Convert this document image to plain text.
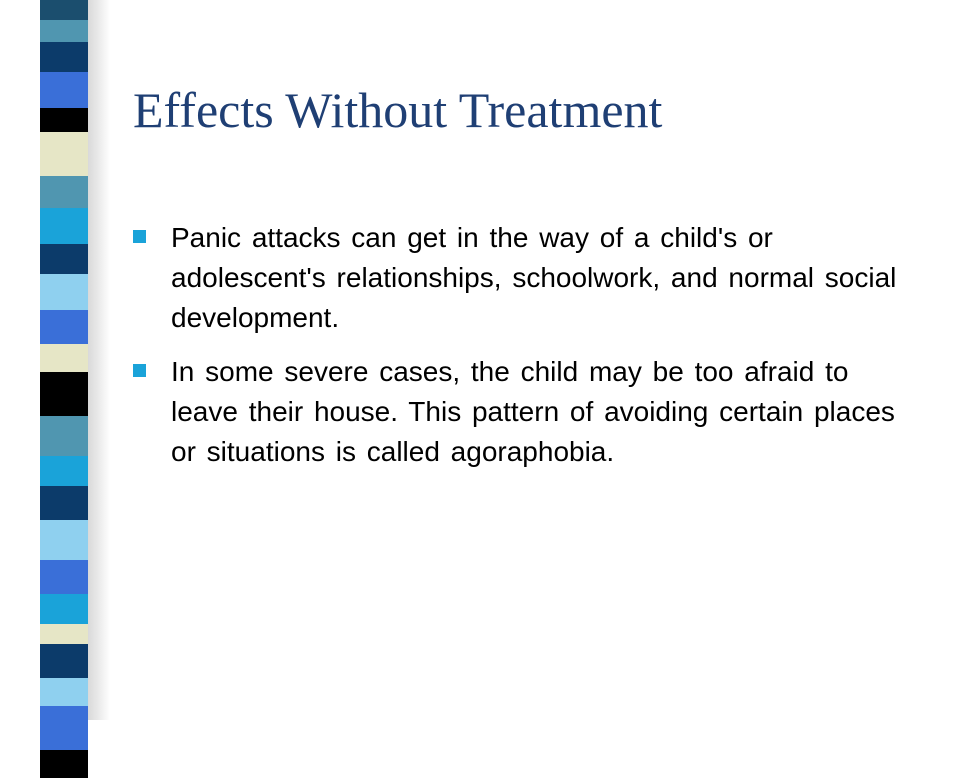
Effects Without Treatment
Panic attacks can get in the way of a child's or adolescent's relationships, schoolwork, and normal social development.
In some severe cases, the child may be too afraid to leave their house. This pattern of avoiding certain places or situations is called agoraphobia.
